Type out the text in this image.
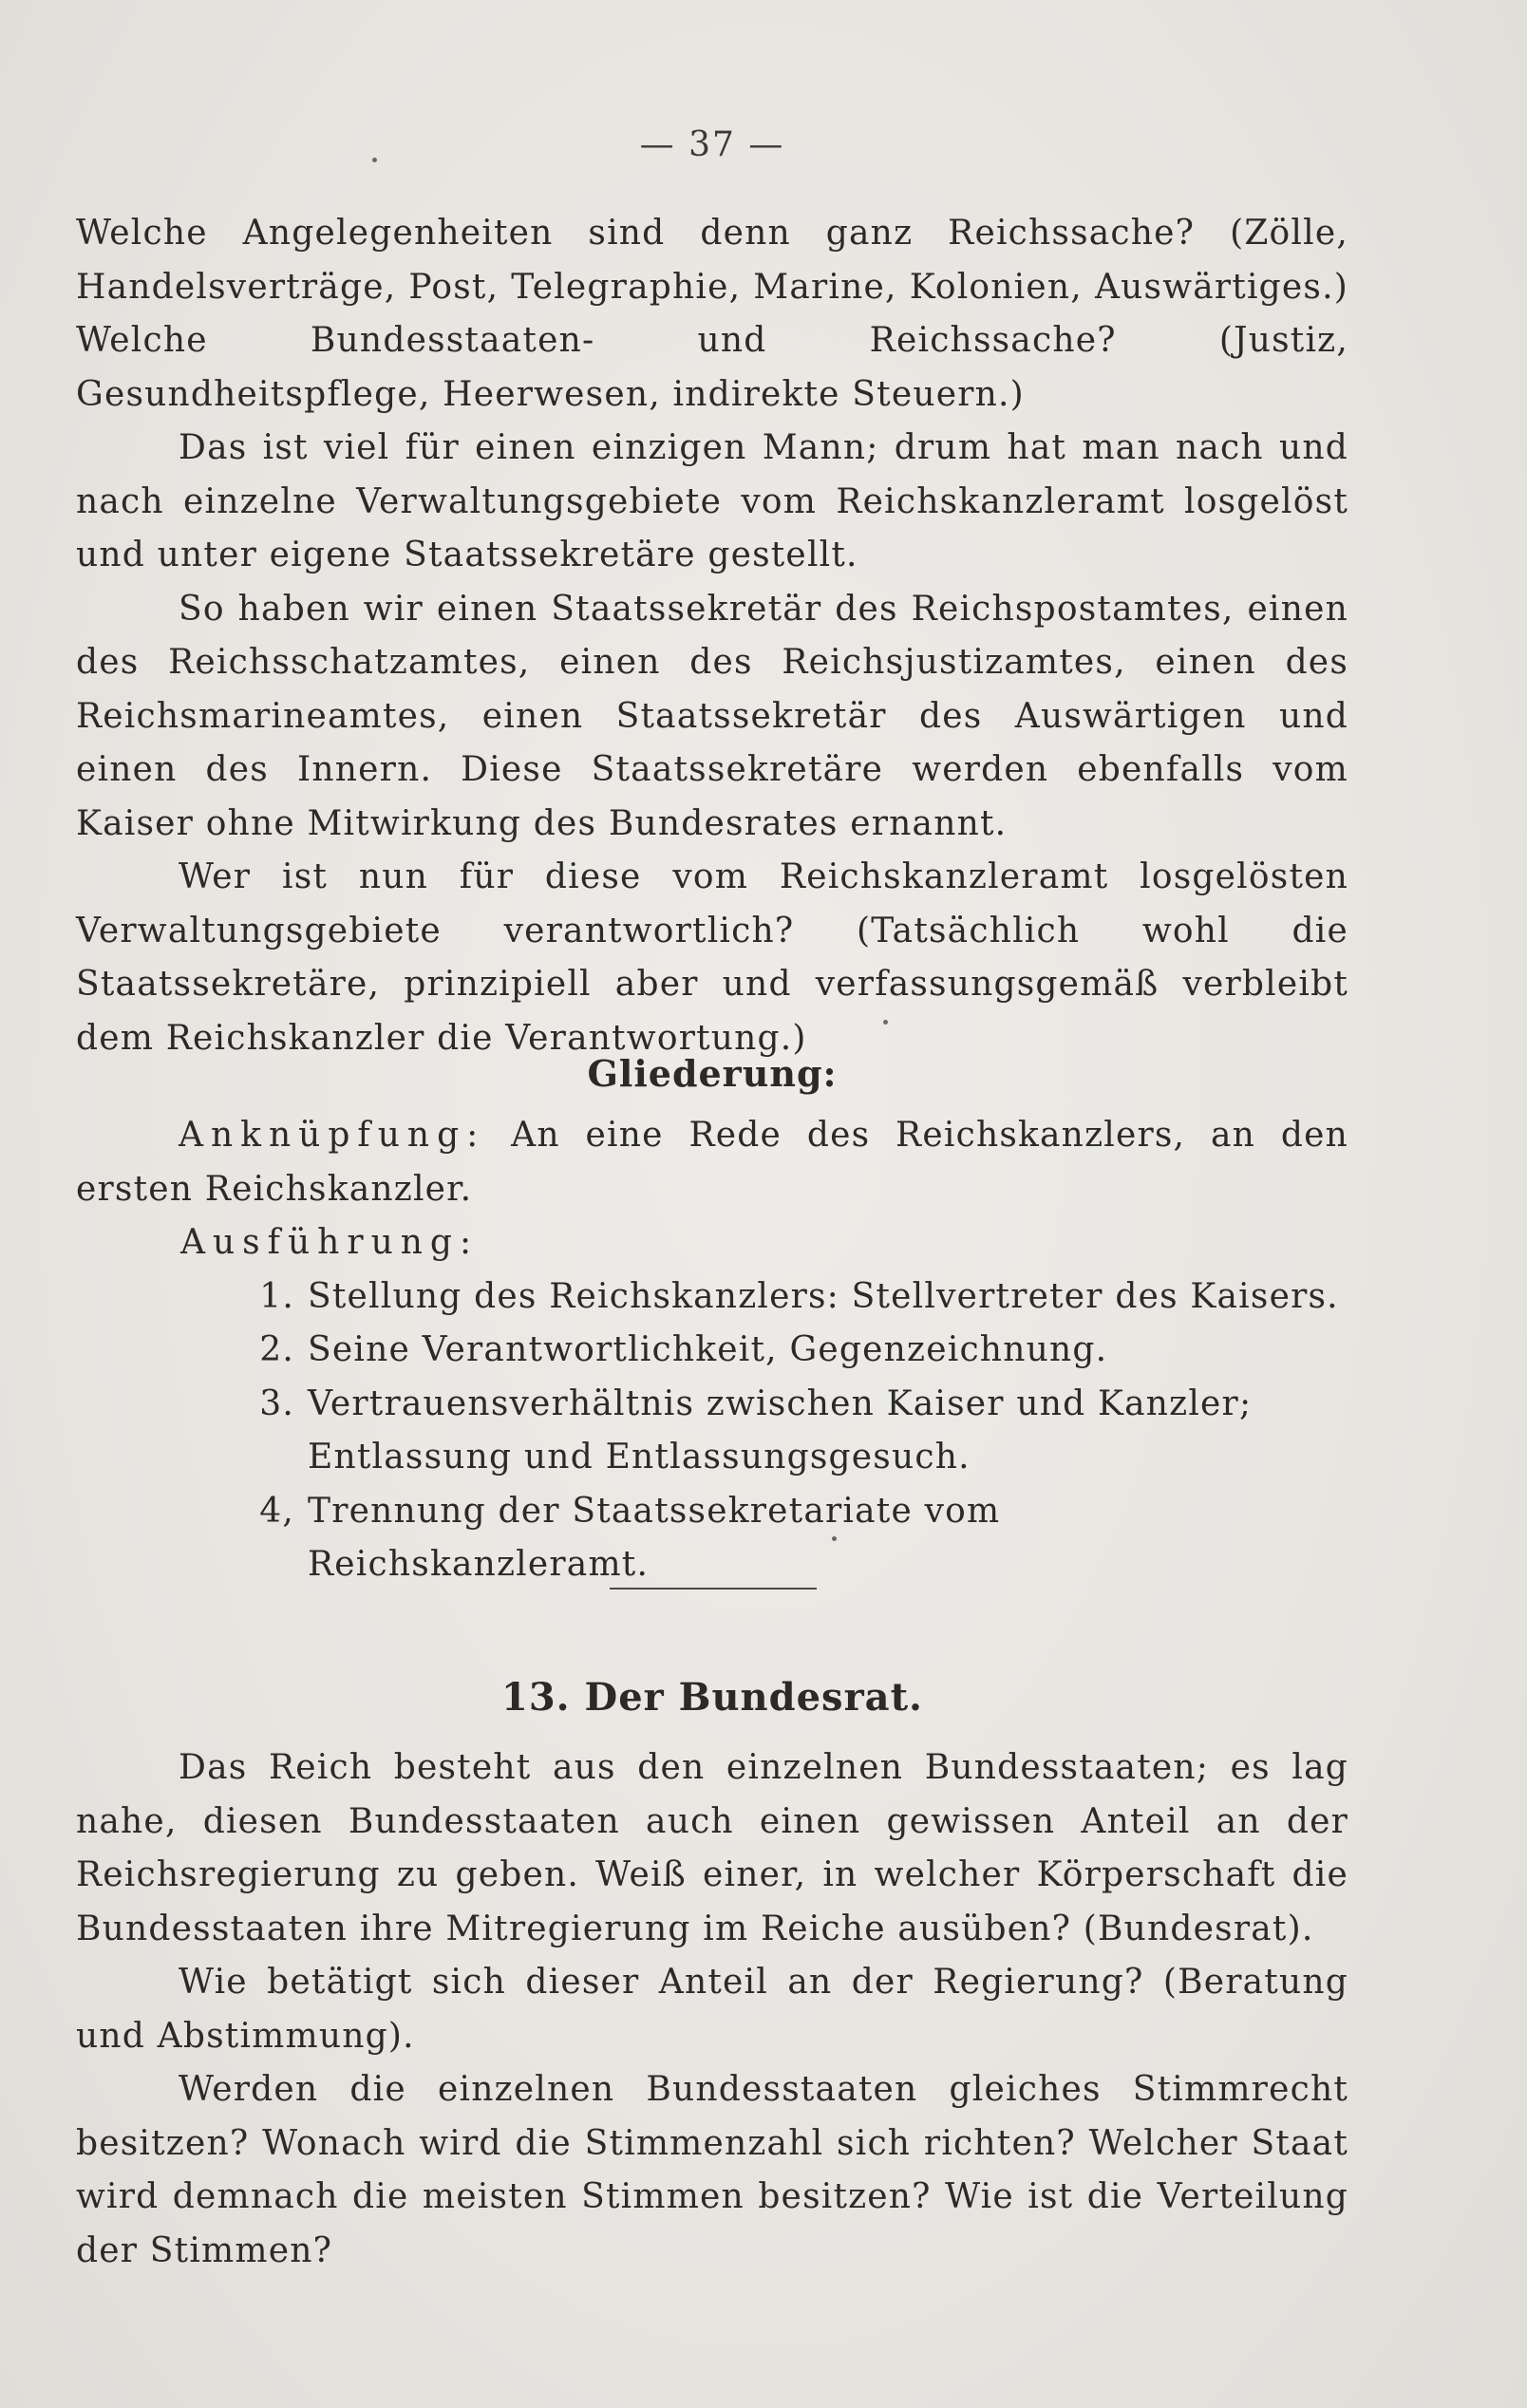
— 37 —

Welche Angelegenheiten sind denn ganz Reichssache? (Zölle, Handelsverträge, Post, Telegraphie, Marine, Kolonien, Auswärtiges.) Welche Bundesstaaten- und Reichssache? (Justiz, Gesundheitspflege, Heerwesen, indirekte Steuern.)

Das ist viel für einen einzigen Mann; drum hat man nach und nach einzelne Verwaltungsgebiete vom Reichskanzleramt losgelöst und unter eigene Staatssekretäre gestellt.

So haben wir einen Staatssekretär des Reichspostamtes, einen des Reichsschatzamtes, einen des Reichsjustizamtes, einen des Reichsmarineamtes, einen Staatssekretär des Auswärtigen und einen des Innern. Diese Staatssekretäre werden ebenfalls vom Kaiser ohne Mitwirkung des Bundesrates ernannt.

Wer ist nun für diese vom Reichskanzleramt losgelösten Verwaltungsgebiete verantwortlich? (Tatsächlich wohl die Staatssekretäre, prinzipiell aber und verfassungsgemäß verbleibt dem Reichskanzler die Verantwortung.)

Gliederung:

Anknüpfung: An eine Rede des Reichskanzlers, an den ersten Reichskanzler.

Ausführung:

1. Stellung des Reichskanzlers: Stellvertreter des Kaisers.
2. Seine Verantwortlichkeit, Gegenzeichnung.
3. Vertrauensverhältnis zwischen Kaiser und Kanzler; Entlassung und Entlassungsgesuch.
4, Trennung der Staatssekretariate vom Reichskanzleramt.
13. Der Bundesrat.

Das Reich besteht aus den einzelnen Bundesstaaten; es lag nahe, diesen Bundesstaaten auch einen gewissen Anteil an der Reichsregierung zu geben. Weiß einer, in welcher Körperschaft die Bundesstaaten ihre Mitregierung im Reiche ausüben? (Bundesrat).

Wie betätigt sich dieser Anteil an der Regierung? (Beratung und Abstimmung).

Werden die einzelnen Bundesstaaten gleiches Stimmrecht besitzen? Wonach wird die Stimmenzahl sich richten? Welcher Staat wird demnach die meisten Stimmen besitzen? Wie ist die Verteilung der Stimmen?
